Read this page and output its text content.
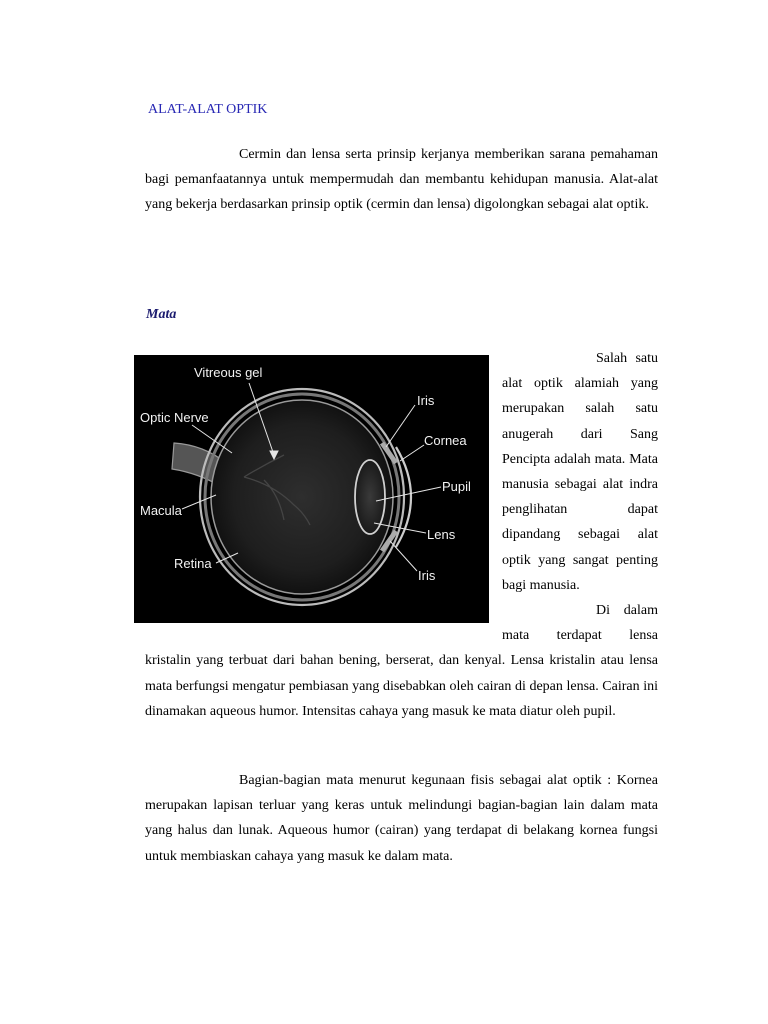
ALAT-ALAT OPTIK

Cermin dan lensa serta prinsip kerjanya memberikan sarana pemahaman bagi pemanfaatannya untuk mempermudah dan membantu kehidupan manusia. Alat-alat yang bekerja berdasarkan prinsip optik (cermin dan lensa) digolongkan sebagai alat optik.

Mata
Vitreous gel
Optic Nerve
Macula
Retina
Iris
Cornea
Pupil
Lens
Iris
Salah satu alat optik alamiah yang merupakan salah satu anugerah dari Sang Pencipta adalah mata. Mata manusia sebagai alat indra penglihatan dapat dipandang sebagai alat optik yang sangat penting bagi manusia.
Di dalam mata terdapat lensa kristalin yang terbuat dari bahan bening, berserat, dan kenyal. Lensa kristalin atau lensa mata berfungsi mengatur pembiasan yang disebabkan oleh cairan di depan lensa. Cairan ini dinamakan aqueous humor. Intensitas cahaya yang masuk ke mata diatur oleh pupil.

Bagian-bagian mata menurut kegunaan fisis sebagai alat optik : Kornea merupakan lapisan terluar yang keras untuk melindungi bagian-bagian lain dalam mata yang halus dan lunak. Aqueous humor (cairan) yang terdapat di belakang kornea fungsi untuk membiaskan cahaya yang masuk ke dalam mata.
